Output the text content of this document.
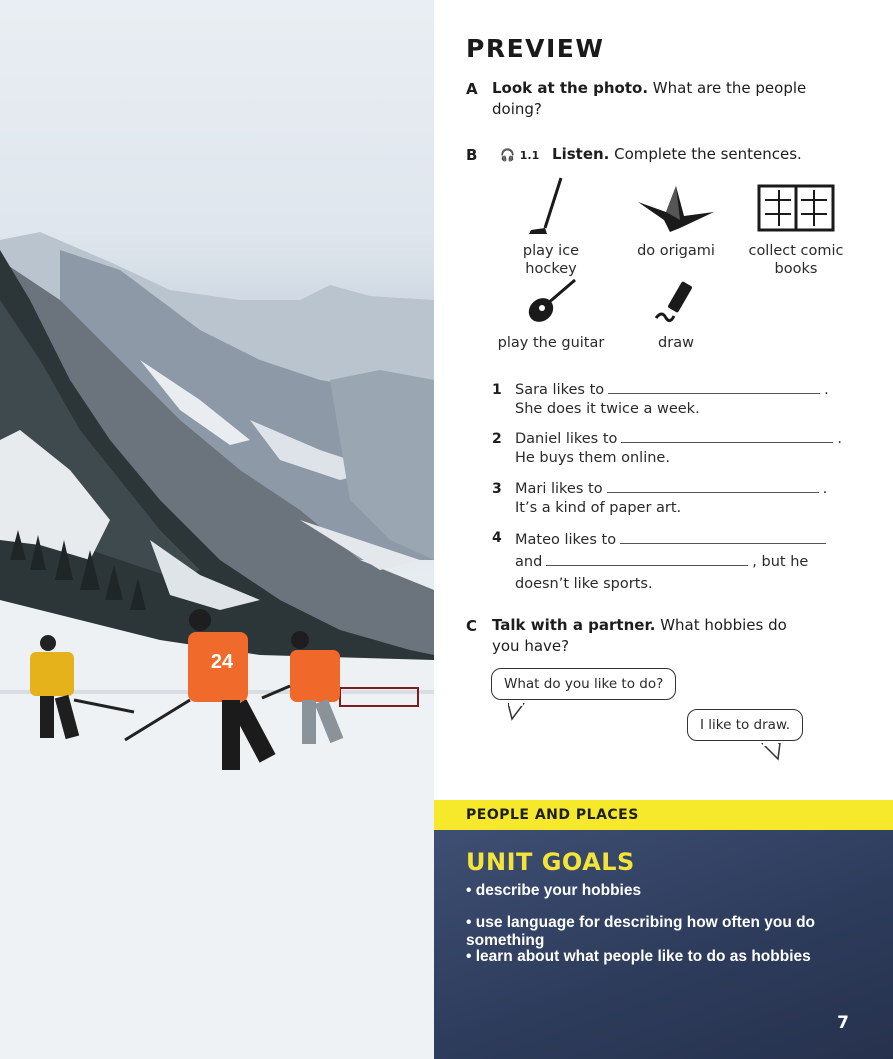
24
PREVIEW
A Look at the photo. What are the people
doing?
B 🎧 1.1 Listen. Complete the sentences.
play ice hockey
do origami	collect comic
books
play the guitar	draw
1 Sara likes to	.
She does it twice a week.
2 Daniel likes to	.
He buys them online.
3 Mari likes to	.
It’s a kind of paper art.
4 Mateo likes to
and	, but he
doesn’t like sports.
C Talk with a partner. What hobbies do
you have?
What do you like to do?
I like to draw.
PEOPLE AND PLACES
UNIT GOALS
• describe your hobbies
• use language for describing how often you do something
• learn about what people like to do as hobbies
7
